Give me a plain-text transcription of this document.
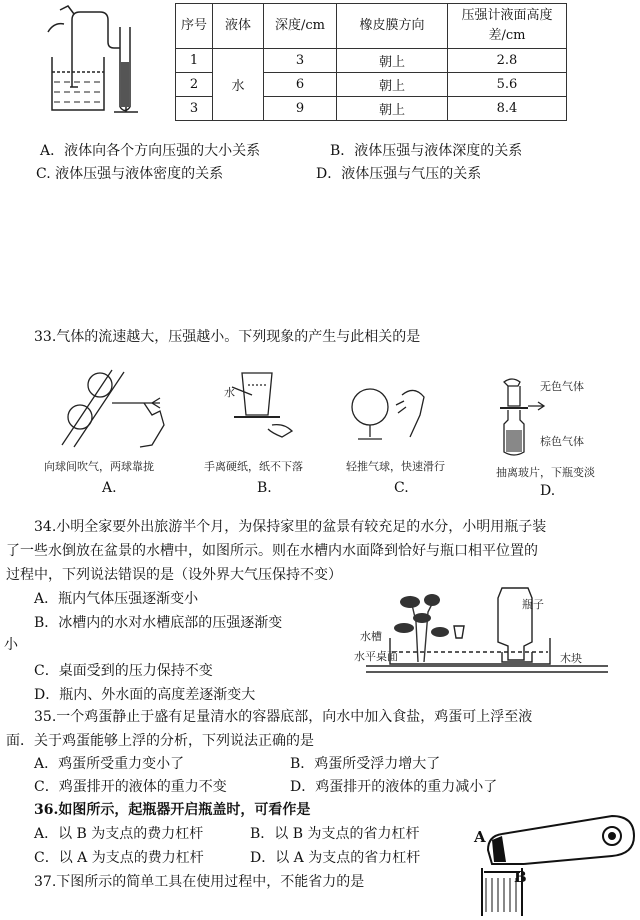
序号	液体	深度/cm	橡皮膜方向	压强计液面高度差/cm
1	水	3	朝上	2.8
2		6	朝上	5.6
3		9	朝上	8.4
A．液体向各个方向压强的大小关系	B．液体压强与液体深度的关系
C. 液体压强与液体密度的关系	D．液体压强与气压的关系
33.气体的流速越大，压强越小。下列现象的产生与此相关的是
向球间吹气，两球靠拢
A.
水
手离硬纸，纸不下落
B.
轻推气球，快速滑行
C.
无色气体
棕色气体
抽离玻片，下瓶变淡
D.
34.小明全家要外出旅游半个月，为保持家里的盆景有较充足的水分，小明用瓶子装
了一些水倒放在盆景的水槽中，如图所示。则在水槽内水面降到恰好与瓶口相平位置的
过程中，下列说法错误的是（设外界大气压保持不变）
A．瓶内气体压强逐渐变小
B．冰槽内的水对水槽底部的压强逐渐变
小
C．桌面受到的压力保持不变
D．瓶内、外水面的高度差逐渐变大
瓶子
水槽
水平桌面	木块
35.一个鸡蛋静止于盛有足量清水的容器底部，向水中加入食盐，鸡蛋可上浮至液
面．关于鸡蛋能够上浮的分析，下列说法正确的是
A．鸡蛋所受重力变小了	B．鸡蛋所受浮力增大了
C．鸡蛋排开的液体的重力不变	D．鸡蛋排开的液体的重力减小了
36.如图所示，起瓶器开启瓶盖时，可看作是
A．以 B 为支点的费力杠杆	B．以 B 为支点的省力杠杆
C．以 A 为支点的费力杠杆	D．以 A 为支点的省力杠杆
A
B
37.下图所示的简单工具在使用过程中，不能省力的是
